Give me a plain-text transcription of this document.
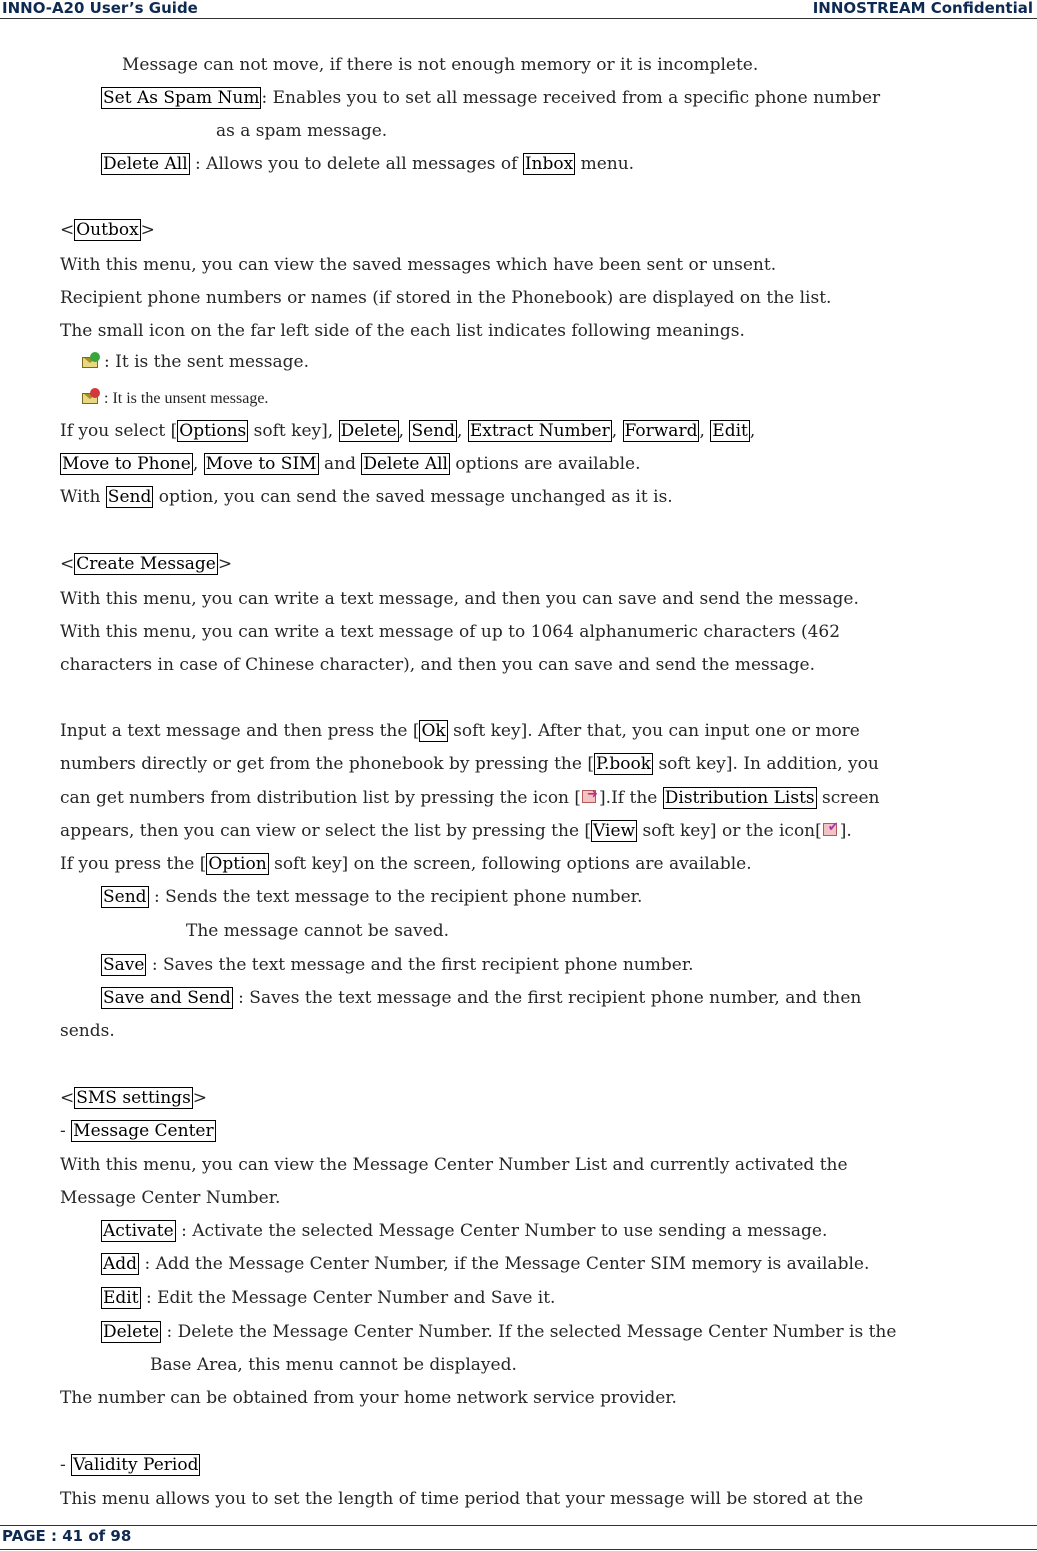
INNO-A20 User’s Guide	INNOSTREAM Confidential
Message can not move, if there is not enough memory or it is incomplete.
Set As Spam Num : Enables you to set all message received from a specific phone number
as a spam message.
Delete All : Allows you to delete all messages of Inbox menu.
< Outbox >
With this menu, you can view the saved messages which have been sent or unsent.
Recipient phone numbers or names (if stored in the Phonebook) are displayed on the list.
The small icon on the far left side of the each list indicates following meanings.
: It is the sent message.
: It is the unsent message.
If you select [ Options soft key], Delete , Send , Extract Number , Forward , Edit ,
Move to Phone , Move to SIM and Delete All options are available.
With Send option, you can send the saved message unchanged as it is.
< Create Message >
With this menu, you can write a text message, and then you can save and send the message.
With this menu, you can write a text message of up to 1064 alphanumeric characters (462
characters in case of Chinese character), and then you can save and send the message.
Input a text message and then press the [ Ok soft key]. After that, you can input one or more
numbers directly or get from the phonebook by pressing the [ P.book soft key]. In addition, you
can get numbers from distribution list by pressing the icon [ ➜ ].If the Distribution Lists screen
appears, then you can view or select the list by pressing the [ View soft key] or the icon[ ✔ ].
If you press the [ Option soft key] on the screen, following options are available.
Send : Sends the text message to the recipient phone number.
The message cannot be saved.
Save : Saves the text message and the first recipient phone number.
Save and Send : Saves the text message and the first recipient phone number, and then
sends.
< SMS settings >
- Message Center
With this menu, you can view the Message Center Number List and currently activated the
Message Center Number.
Activate : Activate the selected Message Center Number to use sending a message.
Add : Add the Message Center Number, if the Message Center SIM memory is available.
Edit : Edit the Message Center Number and Save it.
Delete : Delete the Message Center Number. If the selected Message Center Number is the
Base Area, this menu cannot be displayed.
The number can be obtained from your home network service provider.
- Validity Period
This menu allows you to set the length of time period that your message will be stored at the
PAGE : 41 of 98
